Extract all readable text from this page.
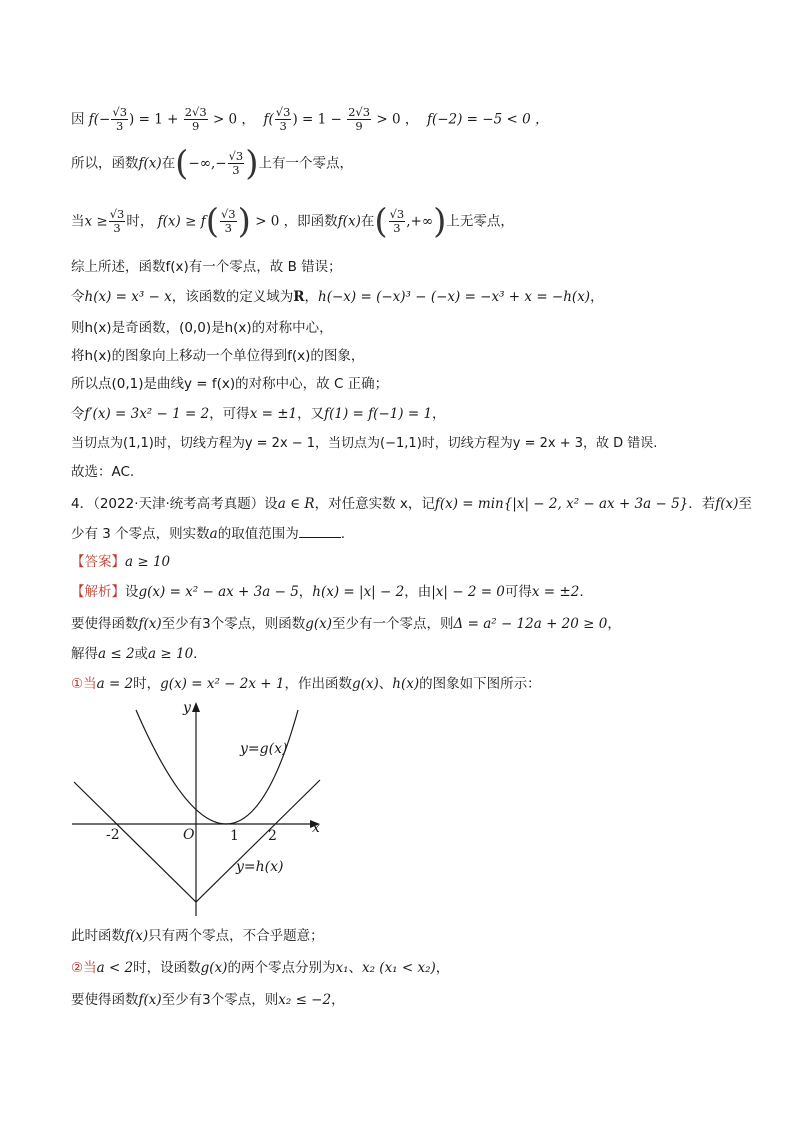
因 $f(- \frac{√3}{3}$ ) = $1 + \frac{2√3}{9} > 0$ ， $f( \frac{√3}{3}$ ) = $1 - \frac{2√3}{9} > 0$ ， f(−2) = −5 < 0 ，
所以，函数f(x)在(−∞,− $\frac{√3}{3}$ )上有一个零点，
当$x \ge \frac{√3}{3}$ 时， $f(x) \ge f( \frac{√3}{3}$ ) > 0 ，即函数f(x)在( $\frac{√3}{3}$ ,+∞)上无零点，
综上所述，函数f(x)有一个零点，故 B 错误；
令h(x) = x³ − x，该函数的定义域为R，h(−x) = (−x)³ − (−x) = −x³ + x = −h(x)，
则h(x)是奇函数，(0,0)是h(x)的对称中心，
将h(x)的图象向上移动一个单位得到f(x)的图象，
所以点(0,1)是曲线y = f(x)的对称中心，故 C 正确；
令f′(x) = 3x² − 1 = 2，可得x = ±1，又f(1) = f(−1) = 1，
当切点为(1,1)时，切线方程为y = 2x − 1，当切点为(−1,1)时，切线方程为y = 2x + 3，故 D 错误.
故选：AC.
4．（2022·天津·统考高考真题）设a ∈ R，对任意实数 x，记f(x) = min{|x| − 2, x² − ax + 3a − 5}．若f(x)至
少有 3 个零点，则实数a的取值范围为	.
【答案】a ≥ 10
【解析】设g(x) = x² − ax + 3a − 5，h(x) = |x| − 2，由|x| − 2 = 0可得x = ±2.
要使得函数f(x)至少有3个零点，则函数g(x)至少有一个零点，则Δ = a² − 12a + 20 ≥ 0，
解得a ≤ 2或a ≥ 10.
①当a = 2时，g(x) = x² − 2x + 1，作出函数g(x)、h(x)的图象如下图所示：
y
x
O
-2	1 2
y=g(x)
y=h(x)
此时函数f(x)只有两个零点，不合乎题意；
②当a < 2时，设函数g(x)的两个零点分别为x₁、x₂ (x₁ < x₂)，
要使得函数f(x)至少有3个零点，则x₂ ≤ −2，
